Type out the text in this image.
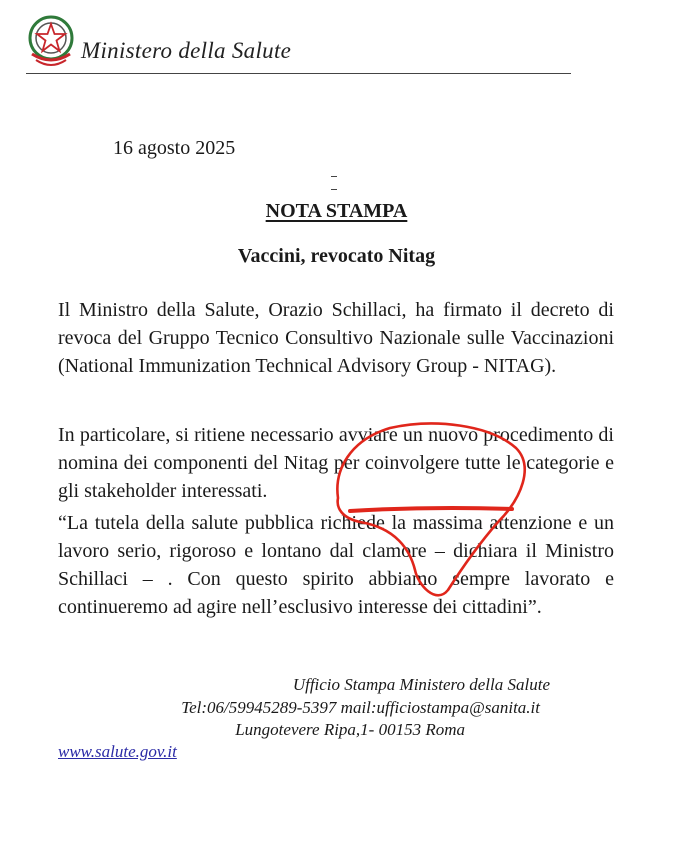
Ministero della Salute
16 agosto 2025
NOTA STAMPA
Vaccini, revocato Nitag

Il Ministro della Salute, Orazio Schillaci, ha firmato il decreto di revoca del Gruppo Tecnico Consultivo Nazionale sulle Vaccinazioni (National Immunization Technical Advisory Group - NITAG).

In particolare, si ritiene necessario avviare un nuovo procedimento di nomina dei componenti del Nitag per coinvolgere tutte le categorie e gli stakeholder interessati.

“La tutela della salute pubblica richiede la massima attenzione e un lavoro serio, rigoroso e lontano dal clamore – dichiara il Ministro Schillaci – . Con questo spirito abbiamo sempre lavorato e continueremo ad agire nell’esclusivo interesse dei cittadini”.

Ufficio Stampa Ministero della Salute
Tel:06/59945289-5397 mail:ufficiostampa@sanita.it
Lungotevere Ripa,1- 00153 Roma
www.salute.gov.it
